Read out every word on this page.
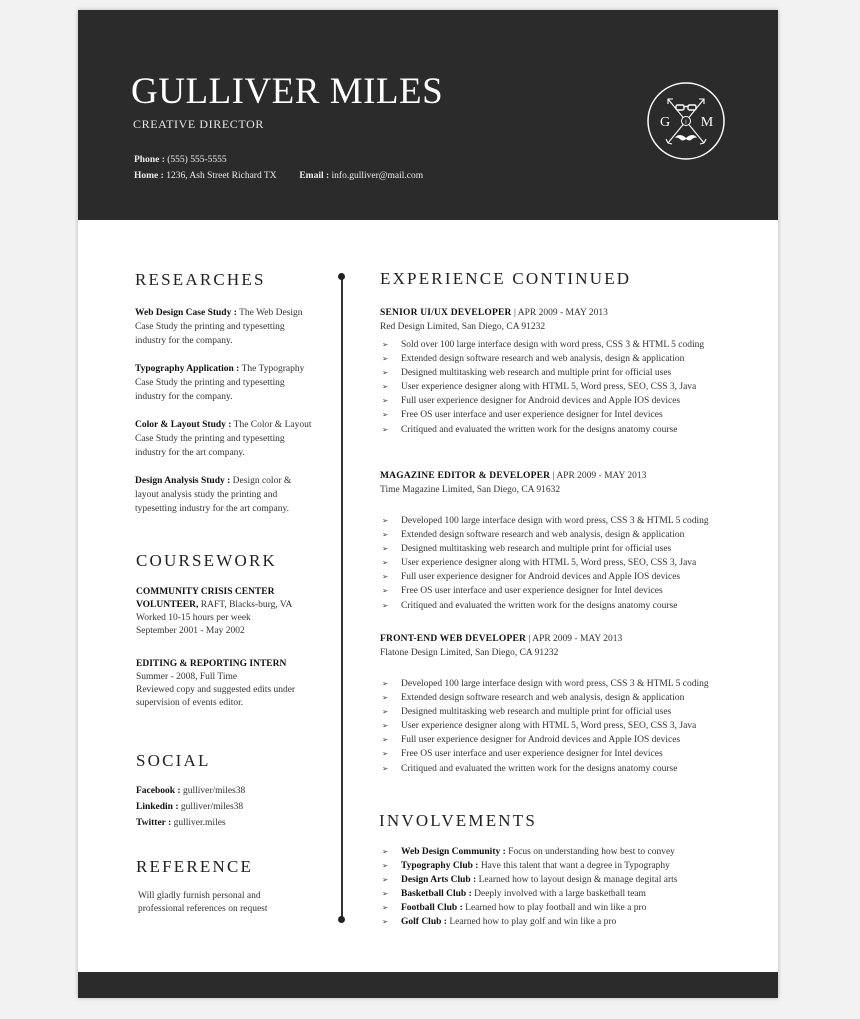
GULLIVER MILES
CREATIVE DIRECTOR
Phone : (555) 555-5555
Home : 1236, Ash Street Richard TX Email : info.gulliver@mail.com
i
G M
RESEARCHES
Web Design Case Study : The Web Design Case Study the printing and typesetting industry for the company.
Typography Application : The Typography Case Study the printing and typesetting industry for the company.
Color & Layout Study : The Color & Layout Case Study the printing and typesetting industry for the art company.
Design Analysis Study : Design color & layout analysis study the printing and typesetting industry for the art company.
COURSEWORK
COMMUNITY CRISIS CENTER VOLUNTEER, RAFT, Blacks-burg, VA
Worked 10-15 hours per week
September 2001 - May 2002
EDITING & REPORTING INTERN
Summer - 2008, Full Time
Reviewed copy and suggested edits under supervision of events editor.
SOCIAL
Facebook : gulliver/miles38
Linkedin : gulliver/miles38
Twitter : gulliver.miles
REFERENCE
Will gladly furnish personal and professional references on request
EXPERIENCE CONTINUED
SENIOR UI/UX DEVELOPER | APR 2009 - MAY 2013
Red Design Limited, San Diego, CA 91232
➢ Sold over 100 large interface design with word press, CSS 3 & HTML 5 coding
➢ Extended design software research and web analysis, design & application
➢ Designed multitasking web research and multiple print for official uses
➢ User experience designer along with HTML 5, Word press, SEO, CSS 3, Java
➢ Full user experience designer for Android devices and Apple IOS devices
➢ Free OS user interface and user experience designer for Intel devices
➢ Critiqued and evaluated the written work for the designs anatomy course
MAGAZINE EDITOR & DEVELOPER | APR 2009 - MAY 2013
Time Magazine Limited, San Diego, CA 91632
➢ Developed 100 large interface design with word press, CSS 3 & HTML 5 coding
➢ Extended design software research and web analysis, design & application
➢ Designed multitasking web research and multiple print for official uses
➢ User experience designer along with HTML 5, Word press, SEO, CSS 3, Java
➢ Full user experience designer for Android devices and Apple IOS devices
➢ Free OS user interface and user experience designer for Intel devices
➢ Critiqued and evaluated the written work for the designs anatomy course
FRONT-END WEB DEVELOPER | APR 2009 - MAY 2013
Flatone Design Limited, San Diego, CA 91232
➢ Developed 100 large interface design with word press, CSS 3 & HTML 5 coding
➢ Extended design software research and web analysis, design & application
➢ Designed multitasking web research and multiple print for official uses
➢ User experience designer along with HTML 5, Word press, SEO, CSS 3, Java
➢ Full user experience designer for Android devices and Apple IOS devices
➢ Free OS user interface and user experience designer for Intel devices
➢ Critiqued and evaluated the written work for the designs anatomy course
INVOLVEMENTS
➢ Web Design Community : Focus on understanding how best to convey
➢ Typography Club : Have this talent that want a degree in Typography
➢ Design Arts Club : Learned how to layout design & manage degital arts
➢ Basketball Club : Deeply involved with a large basketball team
➢ Football Club : Learned how to play football and win like a pro
➢ Golf Club : Learned how to play golf and win like a pro
